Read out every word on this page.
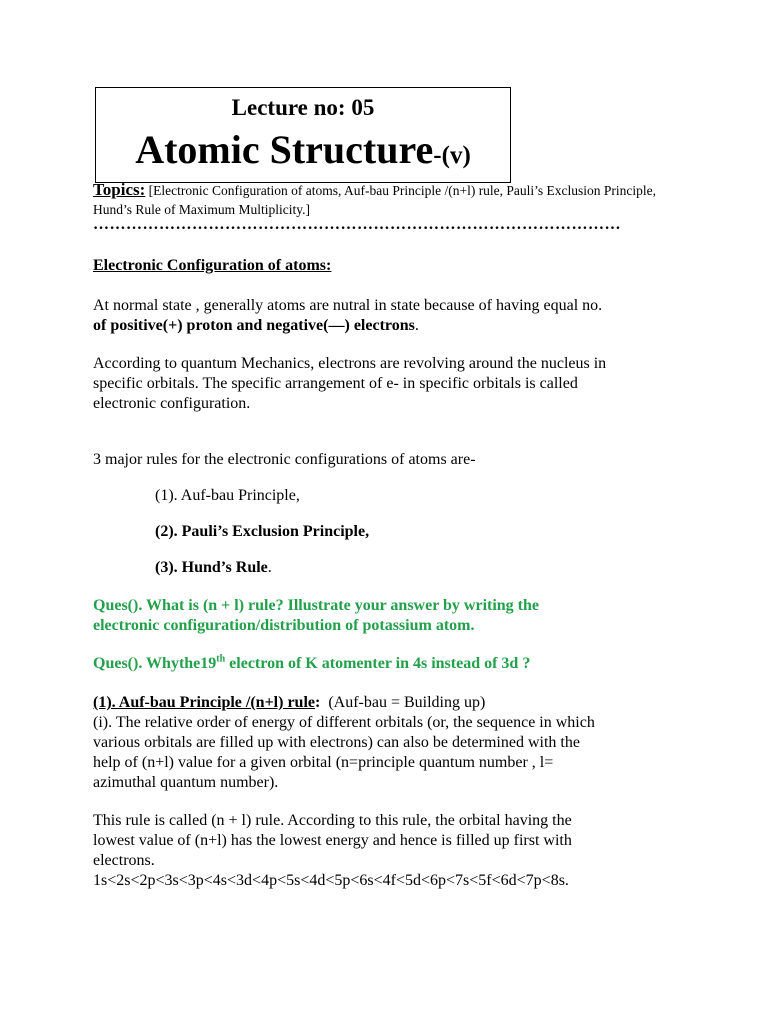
Lecture no: 05
Atomic Structure-(v)
Topics: [Electronic Configuration of atoms, Auf-bau Principle /(n+l) rule, Pauli’s Exclusion Principle, Hund’s Rule of Maximum Multiplicity.]
……………………………………………………………………………………
Electronic Configuration of atoms:
At normal state , generally atoms are nutral in state because of having equal no.
of positive(+) proton and negative(—) electrons.
According to quantum Mechanics, electrons are revolving around the nucleus in
specific orbitals. The specific arrangement of e- in specific orbitals is called
electronic configuration.
3 major rules for the electronic configurations of atoms are-
(1). Auf-bau Principle,
(2). Pauli’s Exclusion Principle,
(3). Hund’s Rule.
Ques(). What is (n + l) rule? Illustrate your answer by writing the
electronic configuration/distribution of potassium atom.
Ques(). Whythe19th electron of K atomenter in 4s instead of 3d ?
(1). Auf-bau Principle /(n+l) rule: (Auf-bau = Building up)
(i). The relative order of energy of different orbitals (or, the sequence in which
various orbitals are filled up with electrons) can also be determined with the
help of (n+l) value for a given orbital (n=principle quantum number , l=
azimuthal quantum number).
This rule is called (n + l) rule. According to this rule, the orbital having the
lowest value of (n+l) has the lowest energy and hence is filled up first with
electrons.
1s<2s<2p<3s<3p<4s<3d<4p<5s<4d<5p<6s<4f<5d<6p<7s<5f<6d<7p<8s.
